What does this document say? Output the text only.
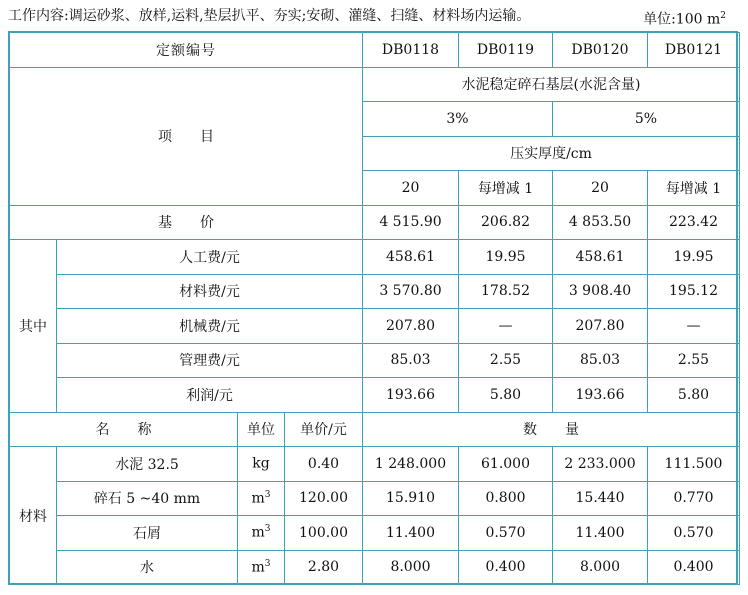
工作内容:调运砂浆、放样,运料,垫层扒平、夯实;安砌、灌缝、扫缝、材料场内运输。	单位:100 $m^2$
定额编号				DB0118	DB0119	DB0120	DB0121
项　　目				水泥稳定碎石基层(水泥含量)			
				3%		5%	
				压实厚度/cm			
				20	每增减 1	20	每增减 1
基　　价				4 515.90	206.82	4 853.50	223.42
其中	人工费/元			458.61	19.95	458.61	19.95
	材料费/元			3 570.80	178.52	3 908.40	195.12
	机械费/元			207.80	—	207.80	—
	管理费/元			85.03	2.55	85.03	2.55
	利润/元			193.66	5.80	193.66	5.80
名　　称		单位	单价/元	数　　量			
材料	水泥 32.5	kg	0.40	1 248.000	61.000	2 233.000	111.500
	碎石 5 ~40 mm	$m^3$	120.00	15.910	0.800	15.440	0.770
	石屑	$m^3$	100.00	11.400	0.570	11.400	0.570
	水	$m^3$	2.80	8.000	0.400	8.000	0.400
